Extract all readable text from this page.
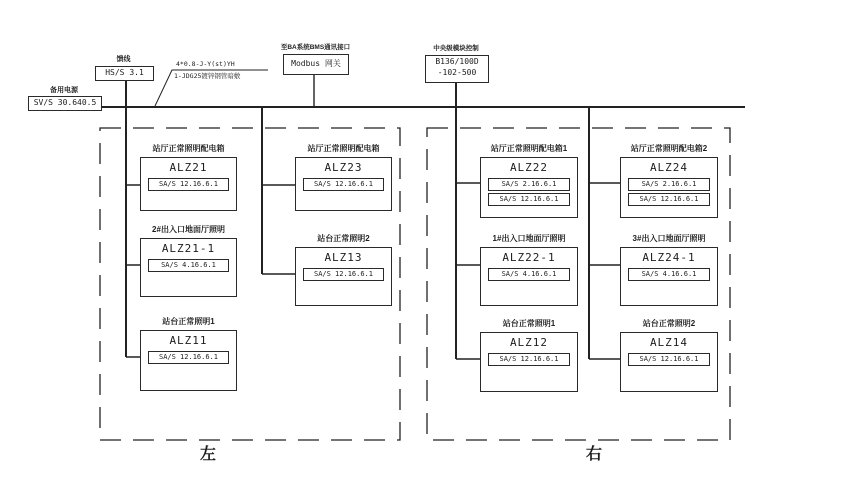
备用电源
SV/S 30.640.5
馈线
HS/S 3.1
4*0.8-J-Y(st)YH
1-JDG25镀锌钢管暗敷
至BA系统BMS通讯接口
Modbus 网关
中央级模块控制
B136/100D
-102-500
站厅正常照明配电箱
ALZ21
SA/S 12.16.6.1
2#出入口地面厅照明
ALZ21-1
SA/S 4.16.6.1
站台正常照明1
ALZ11
SA/S 12.16.6.1
站厅正常照明配电箱
ALZ23
SA/S 12.16.6.1
站台正常照明2
ALZ13
SA/S 12.16.6.1
站厅正常照明配电箱1
ALZ22
SA/S 2.16.6.1
SA/S 12.16.6.1
1#出入口地面厅照明
ALZ22-1
SA/S 4.16.6.1
站台正常照明1
ALZ12
SA/S 12.16.6.1
站厅正常照明配电箱2
ALZ24
SA/S 2.16.6.1
SA/S 12.16.6.1
3#出入口地面厅照明
ALZ24-1
SA/S 4.16.6.1
站台正常照明2
ALZ14
SA/S 12.16.6.1
左	右
